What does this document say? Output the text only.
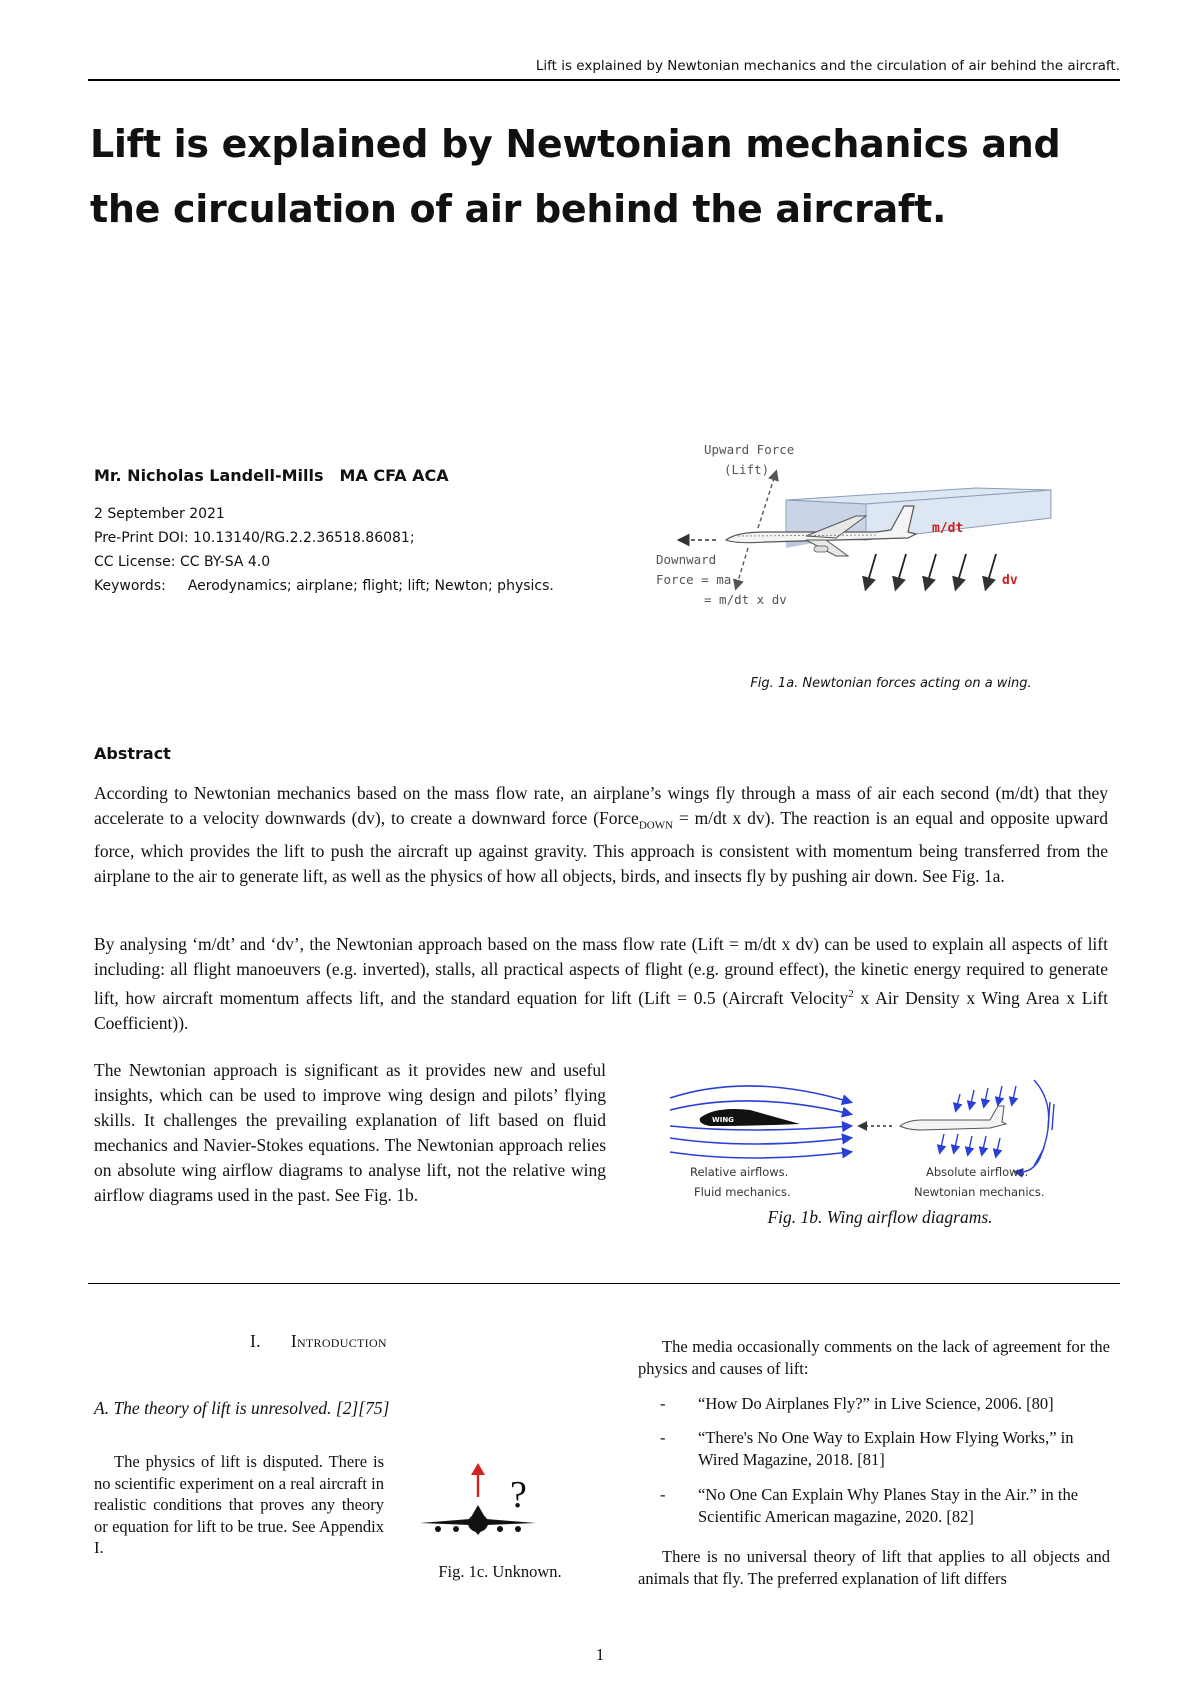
Lift is explained by Newtonian mechanics and the circulation of air behind the aircraft.
Lift is explained by Newtonian mechanics and the circulation of air behind the aircraft.
Mr. Nicholas Landell-Mills MA CFA ACA
2 September 2021
Pre-Print DOI: 10.13140/RG.2.2.36518.86081;
CC License: CC BY-SA 4.0
Keywords: Aerodynamics; airplane; flight; lift; Newton; physics.
Upward Force
(Lift)
Downward
Force = ma
= m/dt x dv
m/dt
dv
Fig. 1a. Newtonian forces acting on a wing.
Abstract
According to Newtonian mechanics based on the mass flow rate, an airplane’s wings fly through a mass of air each second (m/dt) that they accelerate to a velocity downwards (dv), to create a downward force (Force$_{DOWN}$ = m/dt x dv). The reaction is an equal and opposite upward force, which provides the lift to push the aircraft up against gravity. This approach is consistent with momentum being transferred from the airplane to the air to generate lift, as well as the physics of how all objects, birds, and insects fly by pushing air down. See Fig. 1a.
By analysing ‘m/dt’ and ‘dv’, the Newtonian approach based on the mass flow rate (Lift = m/dt x dv) can be used to explain all aspects of lift including: all flight manoeuvers (e.g. inverted), stalls, all practical aspects of flight (e.g. ground effect), the kinetic energy required to generate lift, how aircraft momentum affects lift, and the standard equation for lift (Lift = 0.5 (Aircraft Velocity$^2$ x Air Density x Wing Area x Lift Coefficient)).
The Newtonian approach is significant as it provides new and useful insights, which can be used to improve wing design and pilots’ flying skills. It challenges the prevailing explanation of lift based on fluid mechanics and Navier-Stokes equations. The Newtonian approach relies on absolute wing airflow diagrams to analyse lift, not the relative wing airflow diagrams used in the past. See Fig. 1b.
WING
Relative airflows.
Fluid mechanics.
Absolute airflows.
Newtonian mechanics.
Fig. 1b. Wing airflow diagrams.
I. Introduction
A. The theory of lift is unresolved. [2][75]
The physics of lift is disputed. There is no scientific experiment on a real aircraft in realistic conditions that proves any theory or equation for lift to be true. See Appendix I.
?
Fig. 1c. Unknown.
The media occasionally comments on the lack of agreement for the physics and causes of lift:
- “How Do Airplanes Fly?” in Live Science, 2006. [80]
- “There's No One Way to Explain How Flying Works,” in Wired Magazine, 2018. [81]
- “No One Can Explain Why Planes Stay in the Air.” in the Scientific American magazine, 2020. [82]
There is no universal theory of lift that applies to all objects and animals that fly. The preferred explanation of lift differs
1
